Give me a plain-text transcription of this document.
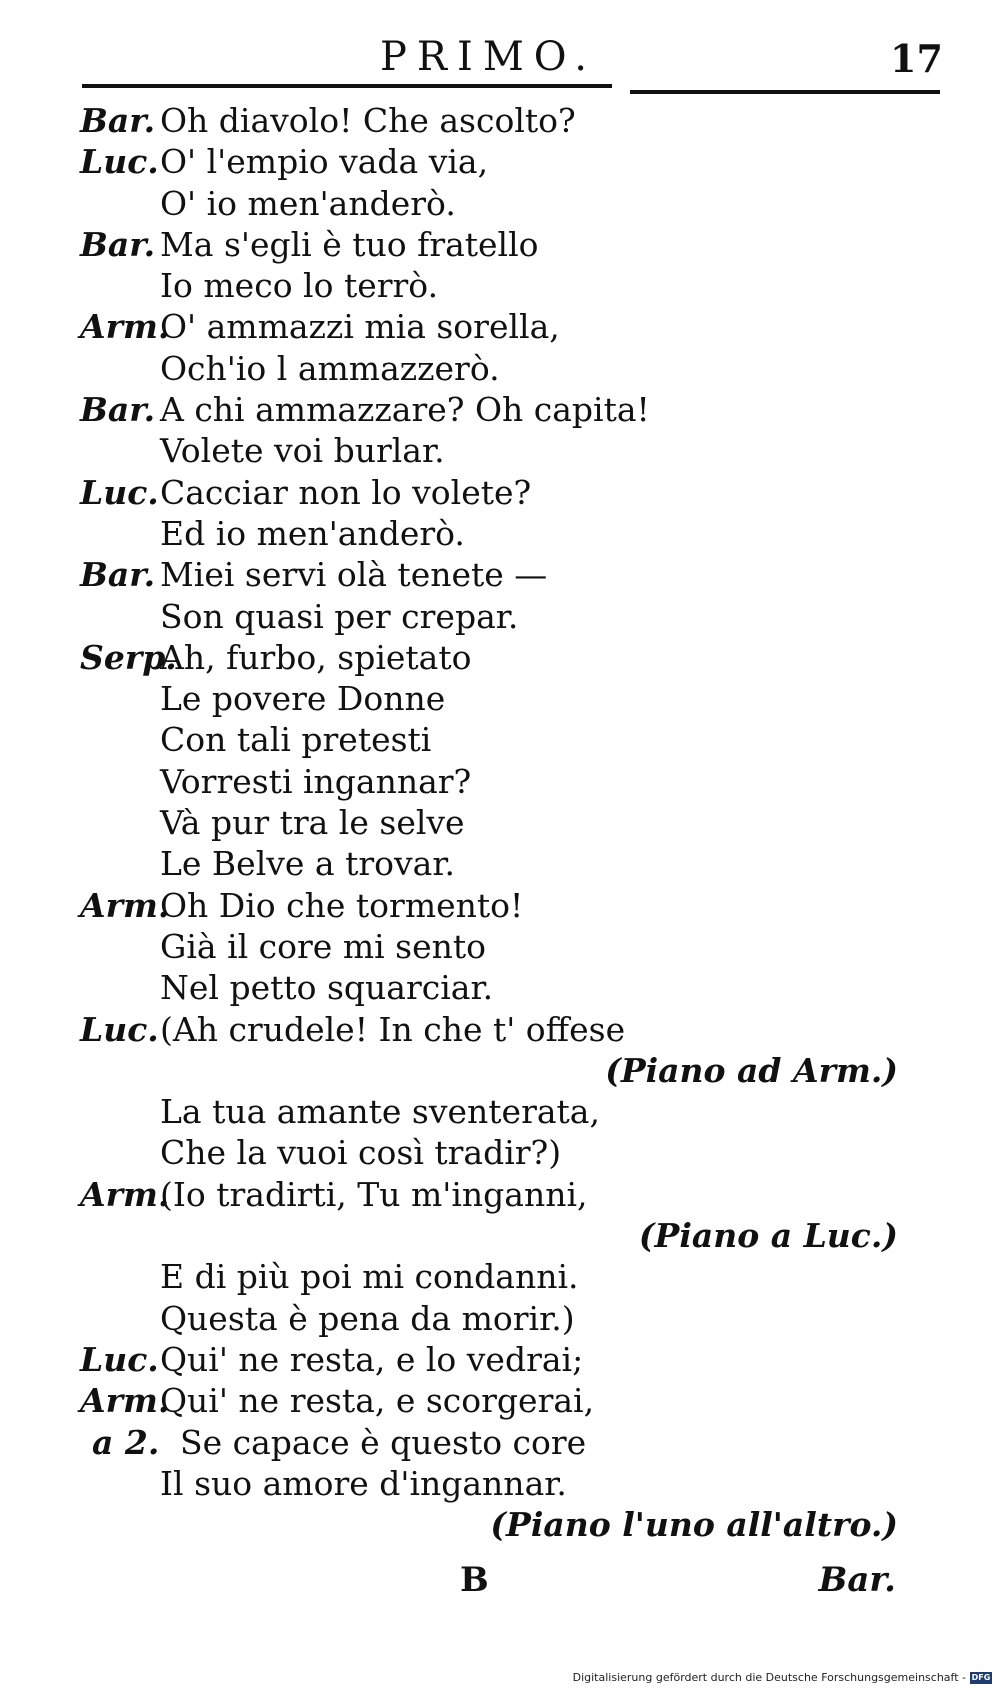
PRIMO.	17
Bar. Oh diavolo! Che ascolto?
Luc. O' l'empio vada via,
O' io men'anderò.
Bar. Ma s'egli è tuo fratello
Io meco lo terrò.
Arm.
O' ammazzi mia sorella,
Och'io l ammazzerò.
Bar. A chi ammazzare? Oh capita!
Volete voi burlar.
Luc. Cacciar non lo volete?
Ed io men'anderò.
Bar. Miei servi olà tenete —
Son quasi per crepar.
Serp.
Ah, furbo, spietato
Le povere Donne
Con tali pretesti
Vorresti ingannar?
Và pur tra le selve
Le Belve a trovar.
Arm.
Oh Dio che tormento!
Già il core mi sento
Nel petto squarciar.
Luc. (Ah crudele! In che t' offese
(Piano ad Arm.)
La tua amante sventerata,
Che la vuoi così tradir?)
Arm.
(Io tradirti, Tu m'inganni,
(Piano a Luc.)
E di più poi mi condanni.
Questa è pena da morir.)
Luc. Qui' ne resta, e lo vedrai;
Arm.
Qui' ne resta, e scorgerai,
a 2. Se capace è questo core
Il suo amore d'ingannar.
(Piano l'uno all'altro.)
B	Bar.
Digitalisierung gefördert durch die Deutsche Forschungsgemeinschaft - DFG
